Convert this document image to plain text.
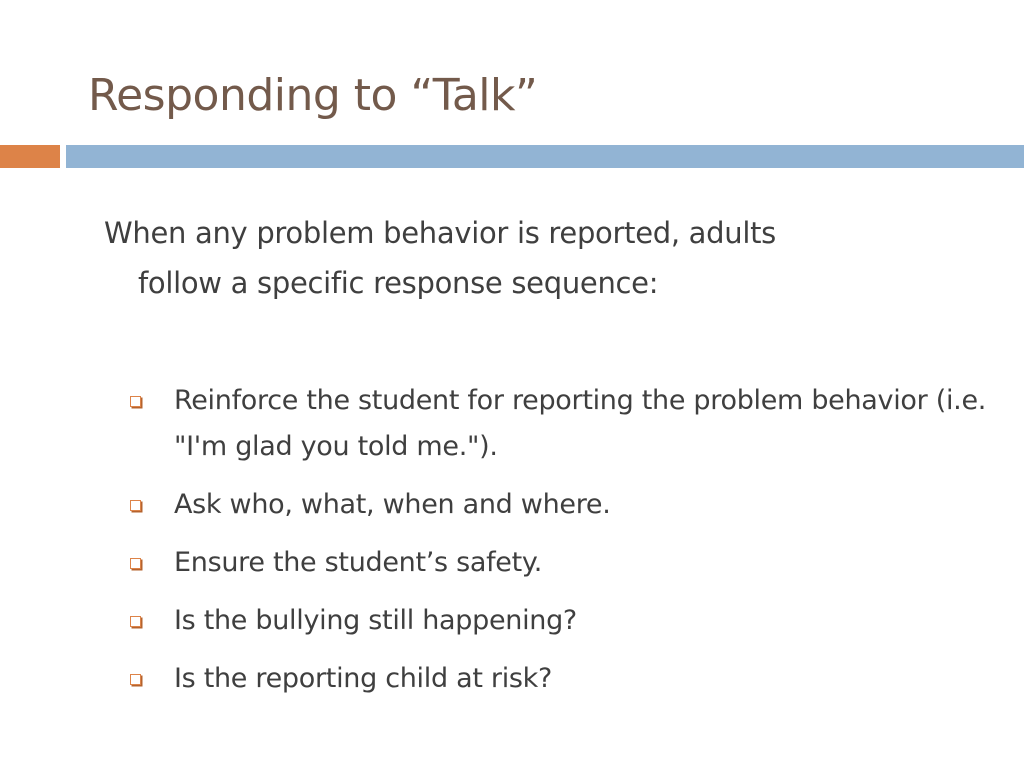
Responding to “Talk”
When any problem behavior is reported, adults
follow a specific response sequence:
Reinforce the student for reporting the problem behavior (i.e. "I'm glad you told me.").
Ask who, what, when and where.
Ensure the student’s safety.
Is the bullying still happening?
Is the reporting child at risk?
